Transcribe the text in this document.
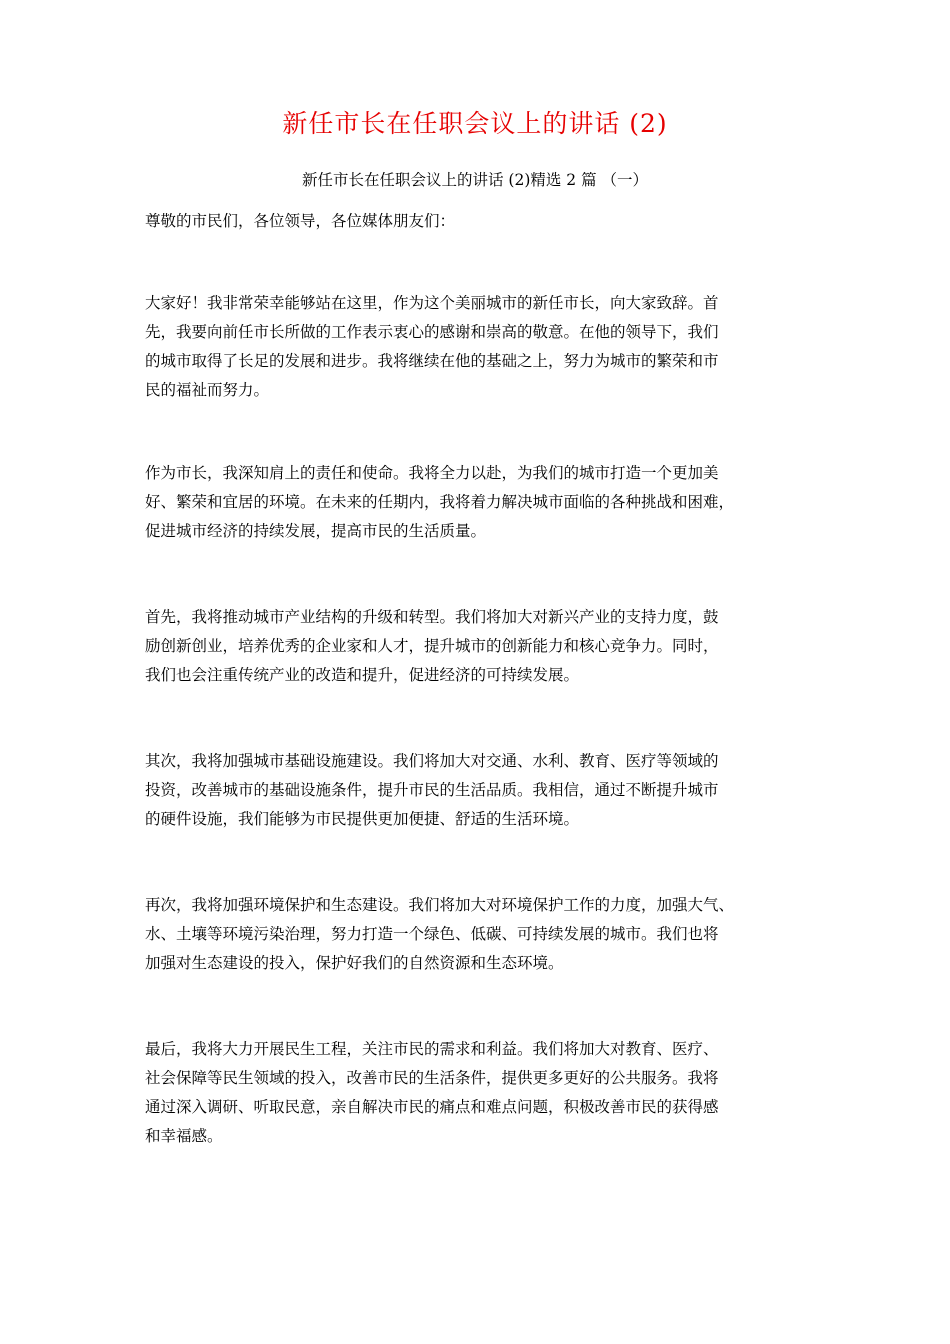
新任市长在任职会议上的讲话 (2)

新任市长在任职会议上的讲话 (2)精选 2 篇 （一）

尊敬的市民们，各位领导，各位媒体朋友们：

大家好！我非常荣幸能够站在这里，作为这个美丽城市的新任市长，向大家致辞。首
先，我要向前任市长所做的工作表示衷心的感谢和崇高的敬意。在他的领导下，我们
的城市取得了长足的发展和进步。我将继续在他的基础之上，努力为城市的繁荣和市
民的福祉而努力。
作为市长，我深知肩上的责任和使命。我将全力以赴，为我们的城市打造一个更加美
好、繁荣和宜居的环境。在未来的任期内，我将着力解决城市面临的各种挑战和困难，
促进城市经济的持续发展，提高市民的生活质量。
首先，我将推动城市产业结构的升级和转型。我们将加大对新兴产业的支持力度，鼓
励创新创业，培养优秀的企业家和人才，提升城市的创新能力和核心竞争力。同时，
我们也会注重传统产业的改造和提升，促进经济的可持续发展。
其次，我将加强城市基础设施建设。我们将加大对交通、水利、教育、医疗等领域的
投资，改善城市的基础设施条件，提升市民的生活品质。我相信，通过不断提升城市
的硬件设施，我们能够为市民提供更加便捷、舒适的生活环境。
再次，我将加强环境保护和生态建设。我们将加大对环境保护工作的力度，加强大气、
水、土壤等环境污染治理，努力打造一个绿色、低碳、可持续发展的城市。我们也将
加强对生态建设的投入，保护好我们的自然资源和生态环境。
最后，我将大力开展民生工程，关注市民的需求和利益。我们将加大对教育、医疗、
社会保障等民生领域的投入，改善市民的生活条件，提供更多更好的公共服务。我将
通过深入调研、听取民意，亲自解决市民的痛点和难点问题，积极改善市民的获得感
和幸福感。
